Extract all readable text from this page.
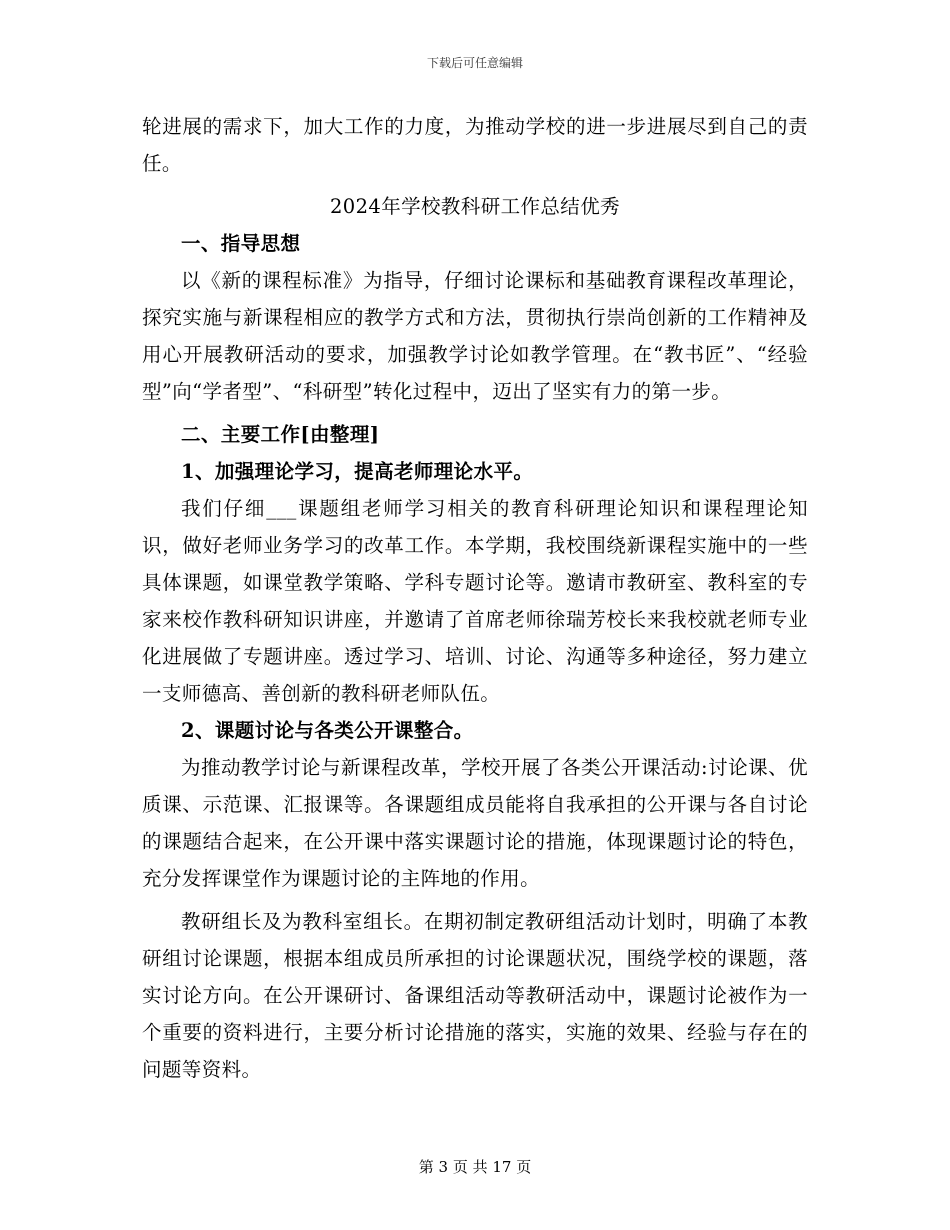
下载后可任意编辑

轮进展的需求下，加大工作的力度，为推动学校的进一步进展尽到自己的责任。

2024年学校教科研工作总结优秀

一、指导思想

以《新的课程标准》为指导，仔细讨论课标和基础教育课程改革理论，探究实施与新课程相应的教学方式和方法，贯彻执行崇尚创新的工作精神及用心开展教研活动的要求，加强教学讨论如教学管理。在“教书匠”、“经验型”向“学者型”、“科研型”转化过程中，迈出了坚实有力的第一步。

二、主要工作[由整理]

1、加强理论学习，提高老师理论水平。

我们仔细___课题组老师学习相关的教育科研理论知识和课程理论知识，做好老师业务学习的改革工作。本学期，我校围绕新课程实施中的一些具体课题，如课堂教学策略、学科专题讨论等。邀请市教研室、教科室的专家来校作教科研知识讲座，并邀请了首席老师徐瑞芳校长来我校就老师专业化进展做了专题讲座。透过学习、培训、讨论、沟通等多种途径，努力建立一支师德高、善创新的教科研老师队伍。

2、课题讨论与各类公开课整合。

为推动教学讨论与新课程改革，学校开展了各类公开课活动:讨论课、优质课、示范课、汇报课等。各课题组成员能将自我承担的公开课与各自讨论的课题结合起来，在公开课中落实课题讨论的措施，体现课题讨论的特色，充分发挥课堂作为课题讨论的主阵地的作用。

教研组长及为教科室组长。在期初制定教研组活动计划时，明确了本教研组讨论课题，根据本组成员所承担的讨论课题状况，围绕学校的课题，落实讨论方向。在公开课研讨、备课组活动等教研活动中，课题讨论被作为一个重要的资料进行，主要分析讨论措施的落实，实施的效果、经验与存在的问题等资料。

第 3 页 共 17 页
